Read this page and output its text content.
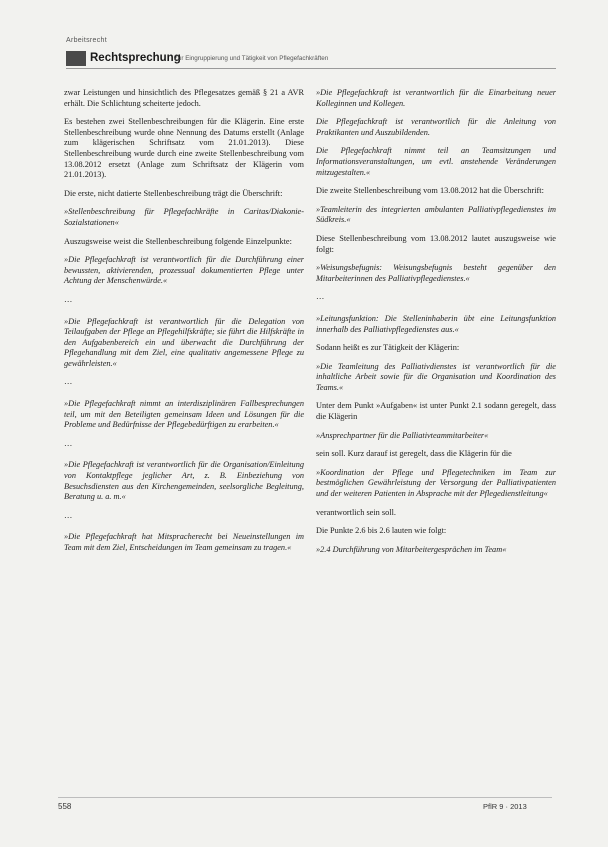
Arbeitsrecht
Rechtsprechung
Zur Eingruppierung und Tätigkeit von Pflegefachkräften

zwar Leistungen und hinsichtlich des Pflegesatzes gemäß § 21 a AVR erhält. Die Schlichtung scheiterte jedoch.

Es bestehen zwei Stellenbeschreibungen für die Klägerin. Eine erste Stellenbeschreibung wurde ohne Nennung des Datums erstellt (Anlage zum klägerischen Schriftsatz vom 21.01.2013). Diese Stellenbeschreibung wurde durch eine zweite Stellenbeschreibung vom 13.08.2012 ersetzt (Anlage zum Schriftsatz der Klägerin vom 21.01.2013).

Die erste, nicht datierte Stellenbeschreibung trägt die Überschrift:

»Stellenbeschreibung für Pflegefachkräfte in Caritas/Diakonie-Sozialstationen«

Auszugsweise weist die Stellenbeschreibung folgende Einzelpunkte:

»Die Pflegefachkraft ist verantwortlich für die Durchführung einer bewussten, aktivierenden, prozessual dokumentierten Pflege unter Achtung der Menschenwürde.«

…

»Die Pflegefachkraft ist verantwortlich für die Delegation von Teilaufgaben der Pflege an Pflegehilfskräfte; sie führt die Hilfskräfte in den Aufgabenbereich ein und überwacht die Durchführung der Pflegehandlung mit dem Ziel, eine qualitativ angemessene Pflege zu gewährleisten.«

…

»Die Pflegefachkraft nimmt an interdisziplinären Fallbesprechungen teil, um mit den Beteiligten gemeinsam Ideen und Lösungen für die Probleme und Bedürfnisse der Pflegebedürftigen zu erarbeiten.«

…

»Die Pflegefachkraft ist verantwortlich für die Organisation/Einleitung von Kontaktpflege jeglicher Art, z. B. Einbeziehung von Besuchsdiensten aus den Kirchengemeinden, seelsorgliche Begleitung, Beratung u. a. m.«

…

»Die Pflegefachkraft hat Mitspracherecht bei Neueinstellungen im Team mit dem Ziel, Entscheidungen im Team gemeinsam zu tragen.«

»Die Pflegefachkraft ist verantwortlich für die Einarbeitung neuer Kolleginnen und Kollegen.

Die Pflegefachkraft ist verantwortlich für die Anleitung von Praktikanten und Auszubildenden.

Die Pflegefachkraft nimmt teil an Teamsitzungen und Informationsveranstaltungen, um evtl. anstehende Veränderungen mitzugestalten.«

Die zweite Stellenbeschreibung vom 13.08.2012 hat die Überschrift:

»Teamleiterin des integrierten ambulanten Palliativpflegedienstes im Südkreis.«

Diese Stellenbeschreibung vom 13.08.2012 lautet auszugsweise wie folgt:

»Weisungsbefugnis: Weisungsbefugnis besteht gegenüber den Mitarbeiterinnen des Palliativpflegedienstes.«

…

»Leitungsfunktion: Die Stelleninhaberin übt eine Leitungsfunktion innerhalb des Palliativpflegedienstes aus.«

Sodann heißt es zur Tätigkeit der Klägerin:

»Die Teamleitung des Palliativdienstes ist verantwortlich für die inhaltliche Arbeit sowie für die Organisation und Koordination des Teams.«

Unter dem Punkt »Aufgaben« ist unter Punkt 2.1 sodann geregelt, dass die Klägerin

»Ansprechpartner für die Palliativteammitarbeiter«

sein soll. Kurz darauf ist geregelt, dass die Klägerin für die

»Koordination der Pflege und Pflegetechniken im Team zur bestmöglichen Gewährleistung der Versorgung der Palliativpatienten und der weiteren Patienten in Absprache mit der Pflegedienstleitung«

verantwortlich sein soll.

Die Punkte 2.6 bis 2.6 lauten wie folgt:

»2.4 Durchführung von Mitarbeitergesprächen im Team«

558	PflR 9 · 2013
